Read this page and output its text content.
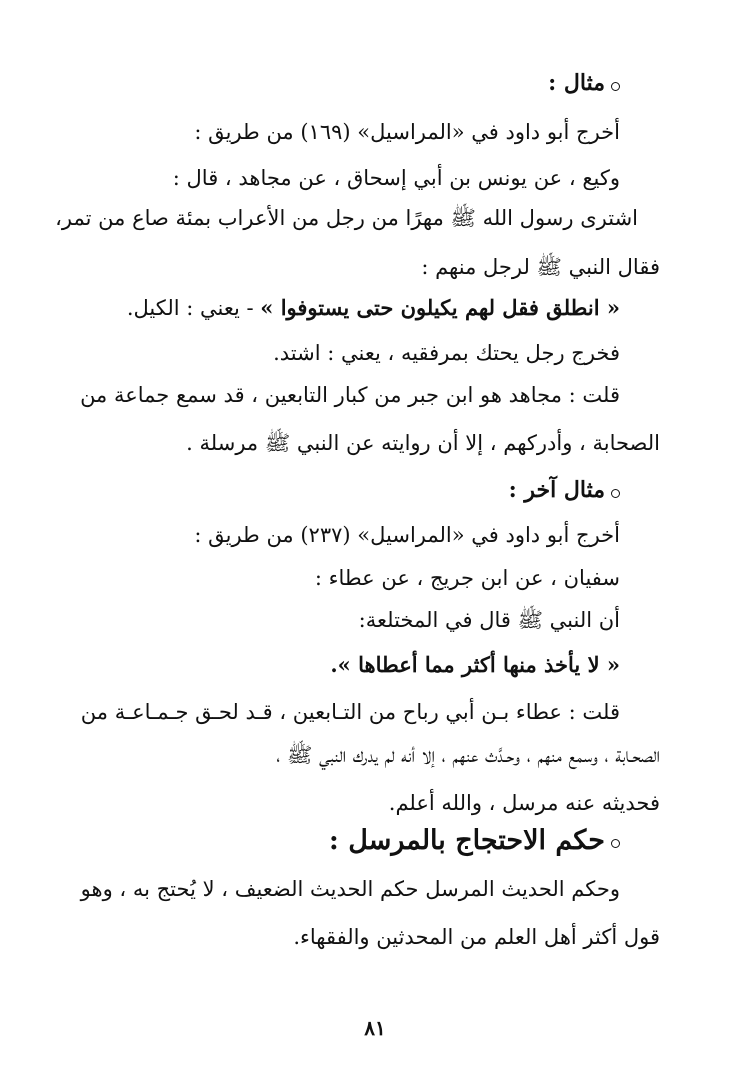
مثال :
أخرج أبو داود في «المراسيل» (١٦٩) من طريق :
وكيع ، عن يونس بن أبي إسحاق ، عن مجاهد ، قال :
اشترى رسول الله ﷺ مهرًا من رجل من الأعراب بمئة صاع من تمر،
فقال النبي ﷺ لرجل منهم :
« انطلق فقل لهم يكيلون حتى يستوفوا » - يعني : الكيل.
فخرج رجل يحتك بمرفقيه ، يعني : اشتد.
قلت : مجاهد هو ابن جبر من كبار التابعين ، قد سمع جماعة من
الصحابة ، وأدركهم ، إلا أن روايته عن النبي ﷺ مرسلة .
مثال آخر :
أخرج أبو داود في «المراسيل» (٢٣٧) من طريق :
سفيان ، عن ابن جريج ، عن عطاء :
أن النبي ﷺ قال في المختلعة:
« لا يأخذ منها أكثر مما أعطاها ».
قلت : عطاء بـن أبي رباح من التـابعين ، قـد لحـق جـمـاعـة من
الصحـابة ، وسمع منهم ، وحـدَّث عنهم ، إلا أنه لم يدرك النبي ﷺ ،
فحديثه عنه مرسل ، والله أعلم.
حكم الاحتجاج بالمرسل :
وحكم الحديث المرسل حكم الحديث الضعيف ، لا يُحتج به ، وهو
قول أكثر أهل العلم من المحدثين والفقهاء.
٨١
